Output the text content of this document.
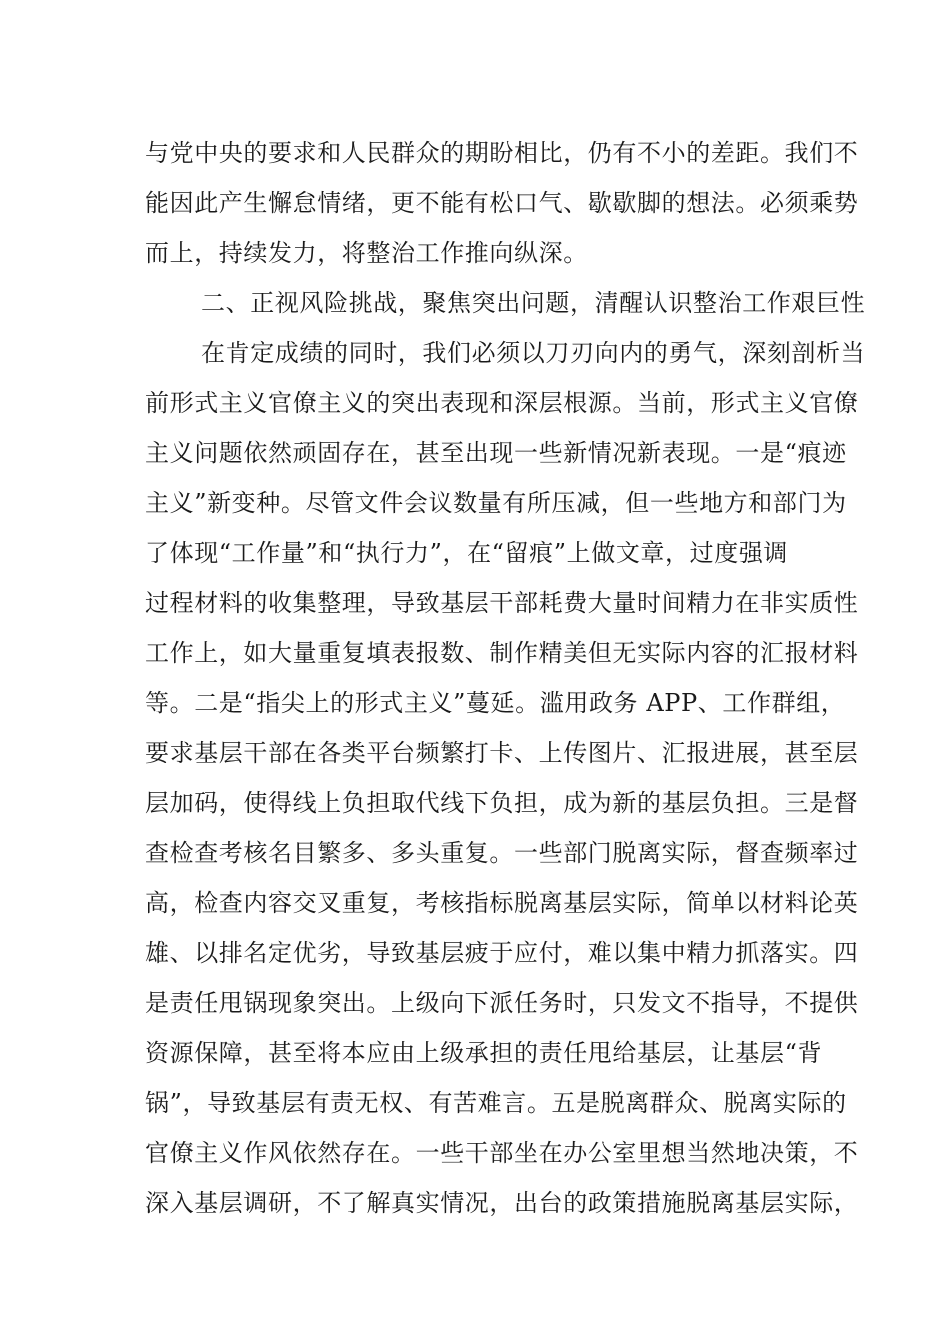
与党中央的要求和人民群众的期盼相比，仍有不小的差距。我们不
能因此产生懈怠情绪，更不能有松口气、歇歇脚的想法。必须乘势
而上，持续发力，将整治工作推向纵深。
二、正视风险挑战，聚焦突出问题，清醒认识整治工作艰巨性
在肯定成绩的同时，我们必须以刀刃向内的勇气，深刻剖析当
前形式主义官僚主义的突出表现和深层根源。当前，形式主义官僚
主义问题依然顽固存在，甚至出现一些新情况新表现。一是“痕迹
主义”新变种。尽管文件会议数量有所压减，但一些地方和部门为
了体现“工作量”和“执行力”，在“留痕”上做文章，过度强调
过程材料的收集整理，导致基层干部耗费大量时间精力在非实质性
工作上，如大量重复填表报数、制作精美但无实际内容的汇报材料
等。二是“指尖上的形式主义”蔓延。滥用政务 APP、工作群组，
要求基层干部在各类平台频繁打卡、上传图片、汇报进展，甚至层
层加码，使得线上负担取代线下负担，成为新的基层负担。三是督
查检查考核名目繁多、多头重复。一些部门脱离实际，督查频率过
高，检查内容交叉重复，考核指标脱离基层实际，简单以材料论英
雄、以排名定优劣，导致基层疲于应付，难以集中精力抓落实。四
是责任甩锅现象突出。上级向下派任务时，只发文不指导，不提供
资源保障，甚至将本应由上级承担的责任甩给基层，让基层“背
锅”，导致基层有责无权、有苦难言。五是脱离群众、脱离实际的
官僚主义作风依然存在。一些干部坐在办公室里想当然地决策，不
深入基层调研，不了解真实情况，出台的政策措施脱离基层实际，
